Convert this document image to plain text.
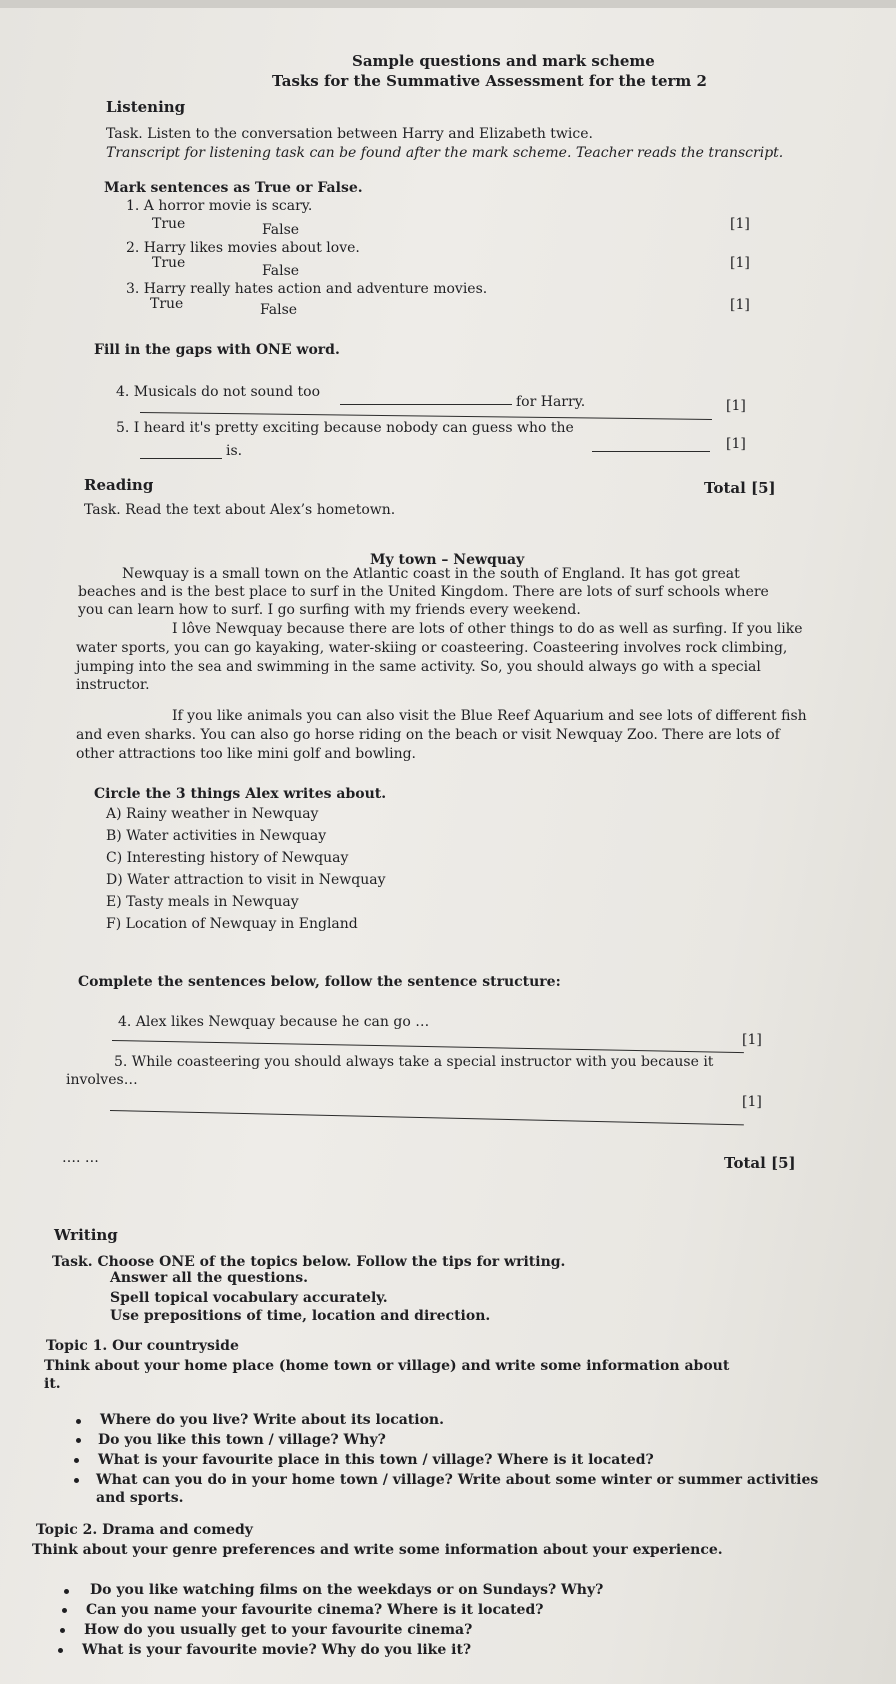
Sample questions and mark scheme
Tasks for the Summative Assessment for the term 2
Listening
Task. Listen to the conversation between Harry and Elizabeth twice.
Transcript for listening task can be found after the mark scheme. Teacher reads the transcript.
Mark sentences as True or False.
1. A horror movie is scary.
True	False	[1]
2. Harry likes movies about love.
True	False	[1]
3. Harry really hates action and adventure movies.
True	False	[1]
Fill in the gaps with ONE word.
4. Musicals do not sound too
for Harry.	[1]
5. I heard it's pretty exciting because nobody can guess who the
is.	[1]
Reading	Total [5]
Task. Read the text about Alex’s hometown.
My town – Newquay
Newquay is a small town on the Atlantic coast in the south of England. It has got great
beaches and is the best place to surf in the United Kingdom. There are lots of surf schools where
you can learn how to surf. I go surfing with my friends every weekend.
I lôve Newquay because there are lots of other things to do as well as surfing. If you like
water sports, you can go kayaking, water-skiing or coasteering. Coasteering involves rock climbing,
jumping into the sea and swimming in the same activity. So, you should always go with a special
instructor.
If you like animals you can also visit the Blue Reef Aquarium and see lots of different fish
and even sharks. You can also go horse riding on the beach or visit Newquay Zoo. There are lots of
other attractions too like mini golf and bowling.
Circle the 3 things Alex writes about.
A) Rainy weather in Newquay
B) Water activities in Newquay
C) Interesting history of Newquay
D) Water attraction to visit in Newquay
E) Tasty meals in Newquay
F) Location of Newquay in England
Complete the sentences below, follow the sentence structure:
4. Alex likes Newquay because he can go …
[1]
5. While coasteering you should always take a special instructor with you because it
involves…
[1]
…. …	Total [5]
Writing
Task. Choose ONE of the topics below. Follow the tips for writing.
Answer all the questions.
Spell topical vocabulary accurately.
Use prepositions of time, location and direction.
Topic 1. Our countryside
Think about your home place (home town or village) and write some information about
it.
Where do you live? Write about its location.
Do you like this town / village? Why?
What is your favourite place in this town / village? Where is it located?
What can you do in your home town / village? Write about some winter or summer activities
and sports.
Topic 2. Drama and comedy
Think about your genre preferences and write some information about your experience.
Do you like watching films on the weekdays or on Sundays? Why?
Can you name your favourite cinema? Where is it located?
How do you usually get to your favourite cinema?
What is your favourite movie? Why do you like it?
